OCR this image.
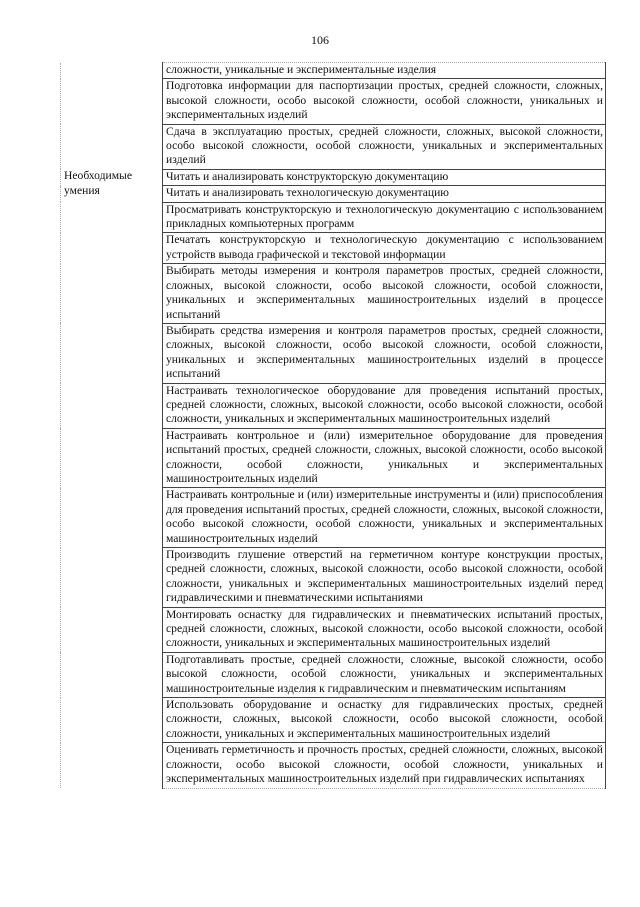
106
	сложности, уникальные и экспериментальные изделия

	Подготовка информации для паспортизации простых, средней сложности, сложных, высокой сложности, особо высокой сложности, особой сложности, уникальных и экспериментальных изделий

	Сдача в эксплуатацию простых, средней сложности, сложных, высокой сложности, особо высокой сложности, особой сложности, уникальных и экспериментальных изделий

Необходимые умения	Читать и анализировать конструкторскую документацию
	Читать и анализировать технологическую документацию
	Просматривать конструкторскую и технологическую документацию с использованием прикладных компьютерных программ
	Печатать конструкторскую и технологическую документацию с использованием устройств вывода графической и текстовой информации
	Выбирать методы измерения и контроля параметров простых, средней сложности, сложных, высокой сложности, особо высокой сложности, особой сложности, уникальных и экспериментальных машиностроительных изделий в процессе испытаний
	Выбирать средства измерения и контроля параметров простых, средней сложности, сложных, высокой сложности, особо высокой сложности, особой сложности, уникальных и экспериментальных машиностроительных изделий в процессе испытаний
	Настраивать технологическое оборудование для проведения испытаний простых, средней сложности, сложных, высокой сложности, особо высокой сложности, особой сложности, уникальных и экспериментальных машиностроительных изделий
	Настраивать контрольное и (или) измерительное оборудование для проведения испытаний простых, средней сложности, сложных, высокой сложности, особо высокой сложности, особой сложности, уникальных и экспериментальных машиностроительных изделий
	Настраивать контрольные и (или) измерительные инструменты и (или) приспособления для проведения испытаний простых, средней сложности, сложных, высокой сложности, особо высокой сложности, особой сложности, уникальных и экспериментальных машиностроительных изделий
	Производить глушение отверстий на герметичном контуре конструкции простых, средней сложности, сложных, высокой сложности, особо высокой сложности, особой сложности, уникальных и экспериментальных машиностроительных изделий перед гидравлическими и пневматическими испытаниями
	Монтировать оснастку для гидравлических и пневматических испытаний простых, средней сложности, сложных, высокой сложности, особо высокой сложности, особой сложности, уникальных и экспериментальных машиностроительных изделий
	Подготавливать простые, средней сложности, сложные, высокой сложности, особо высокой сложности, особой сложности, уникальных и экспериментальных машиностроительные изделия к гидравлическим и пневматическим испытаниям
	Использовать оборудование и оснастку для гидравлических простых, средней сложности, сложных, высокой сложности, особо высокой сложности, особой сложности, уникальных и экспериментальных машиностроительных изделий
	Оценивать герметичность и прочность простых, средней сложности, сложных, высокой сложности, особо высокой сложности, особой сложности, уникальных и экспериментальных машиностроительных изделий при гидравлических испытаниях
